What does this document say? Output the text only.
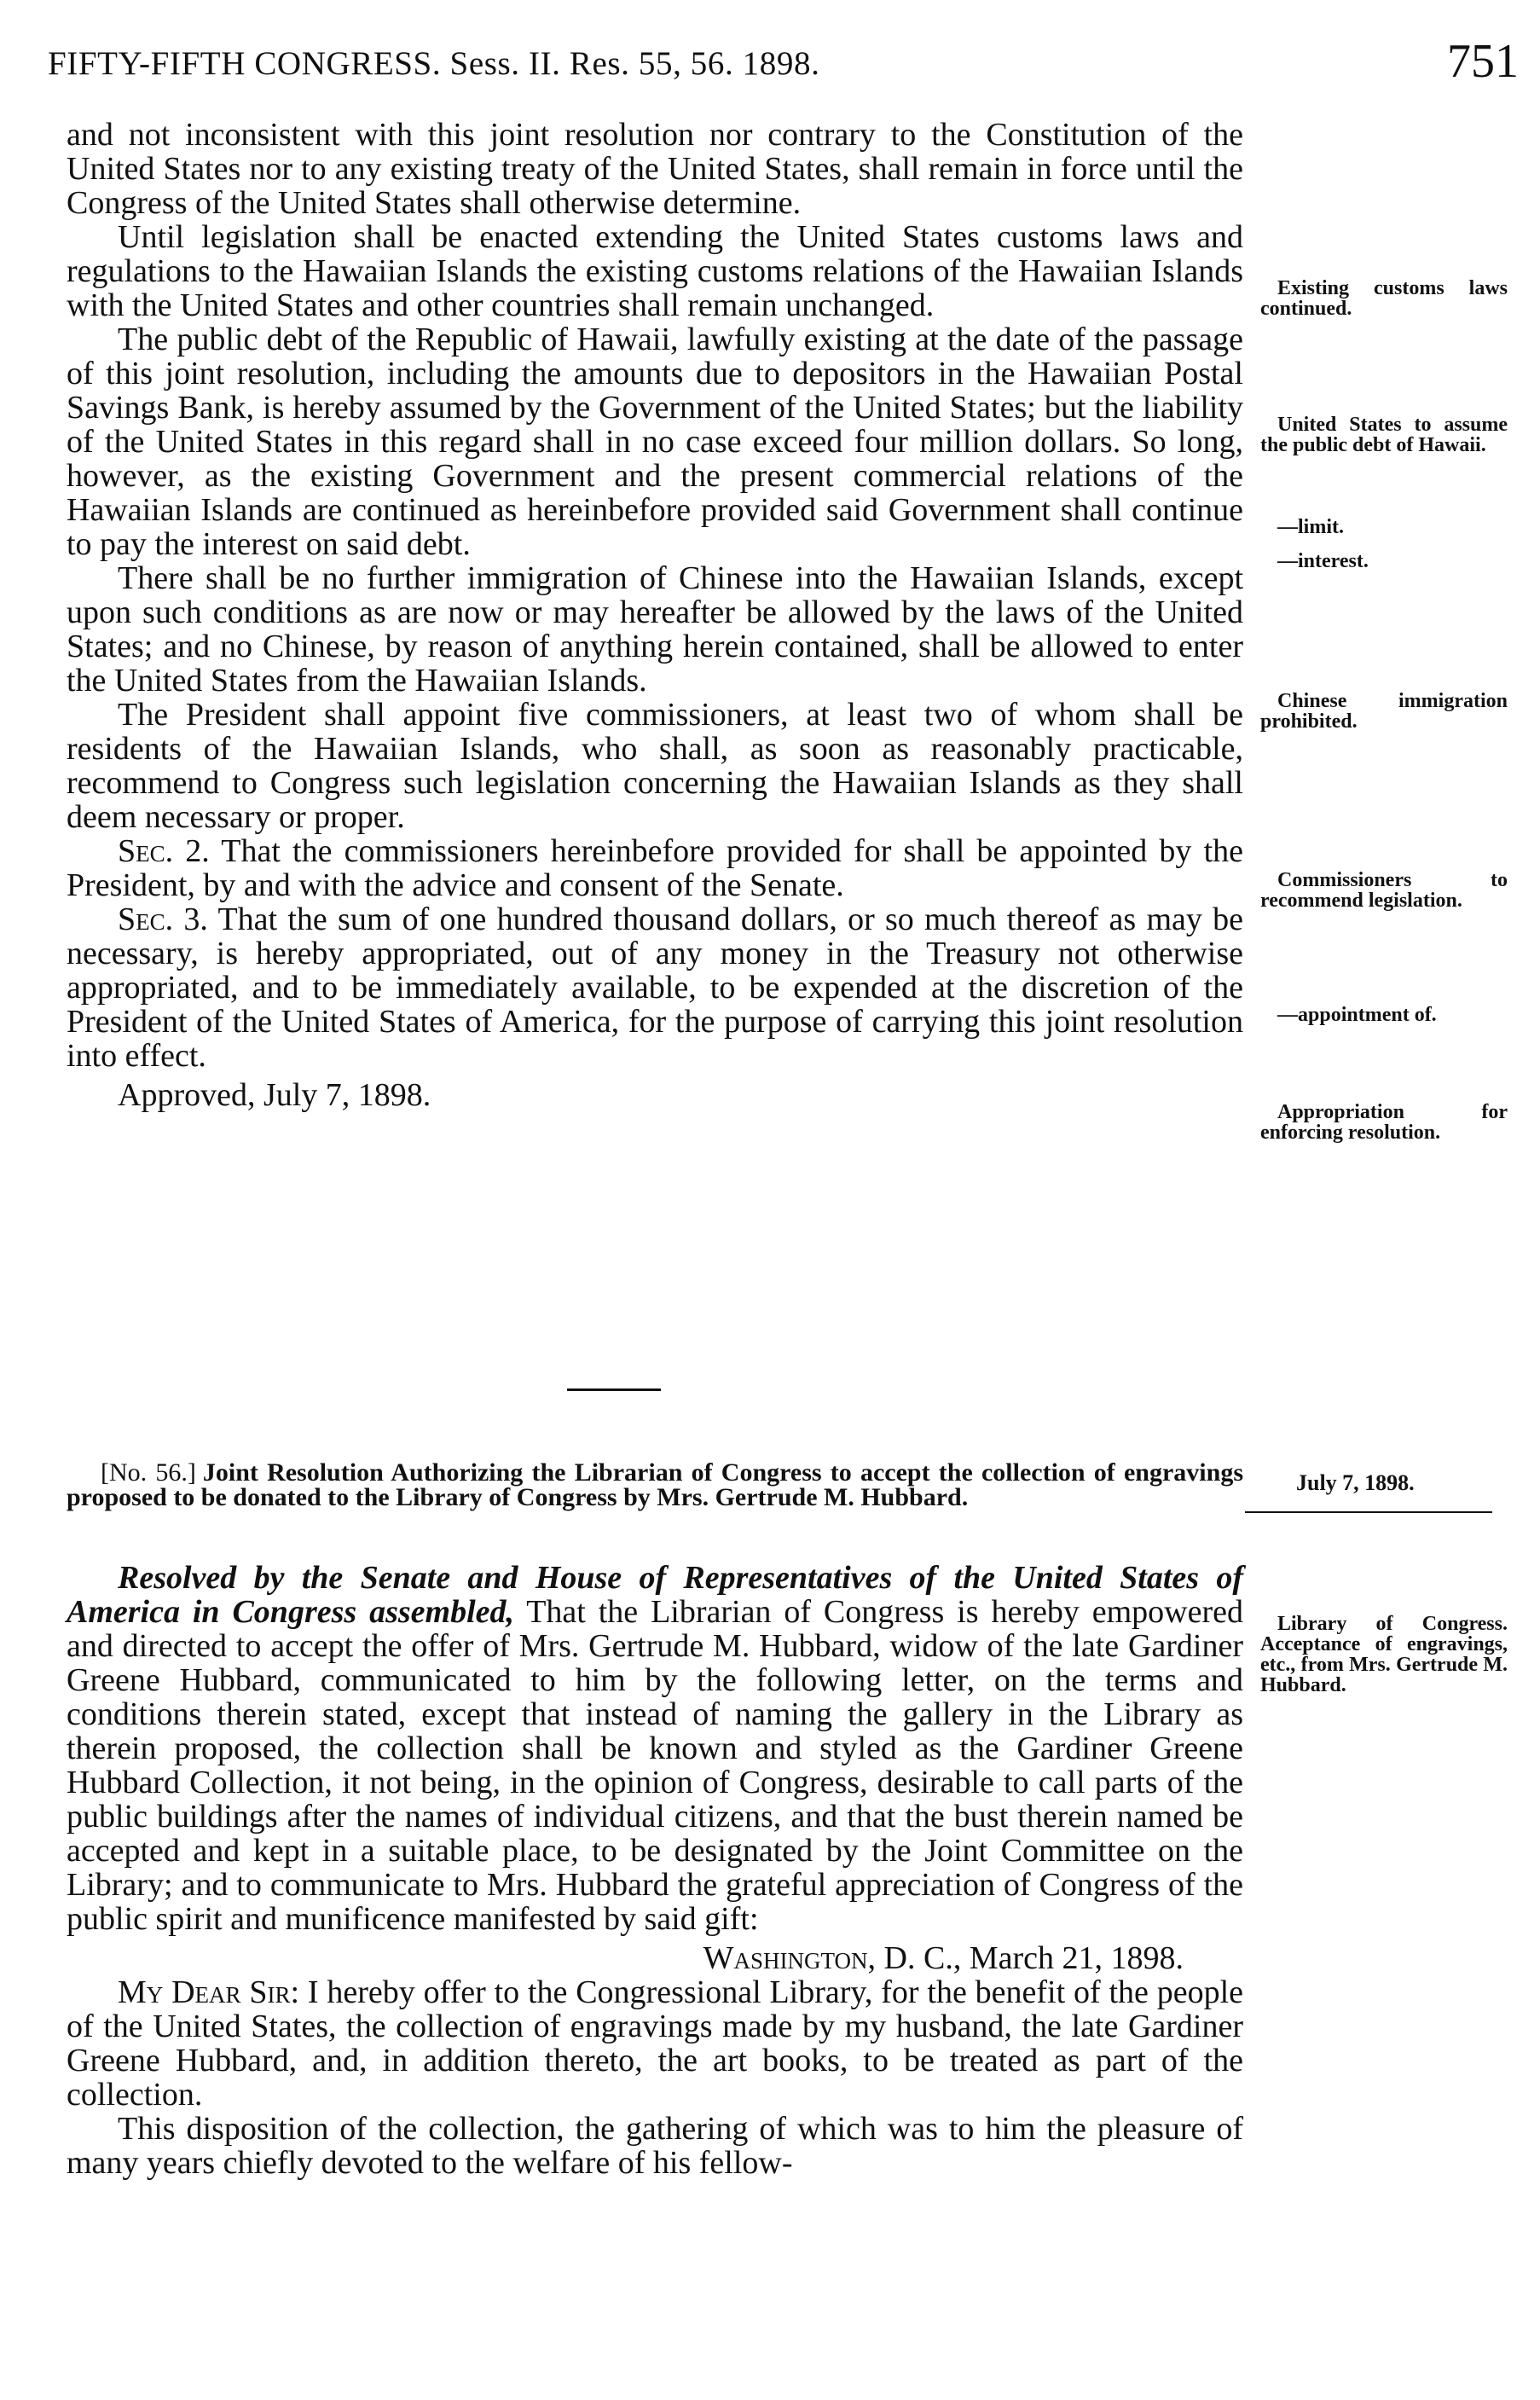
FIFTY-FIFTH CONGRESS. Sess. II. Res. 55, 56. 1898.	751

and not inconsistent with this joint resolution nor contrary to the Constitution of the United States nor to any existing treaty of the United States, shall remain in force until the Congress of the United States shall otherwise determine.

Until legislation shall be enacted extending the United States customs laws and regulations to the Hawaiian Islands the existing customs relations of the Hawaiian Islands with the United States and other countries shall remain unchanged.

The public debt of the Republic of Hawaii, lawfully existing at the date of the passage of this joint resolution, including the amounts due to depositors in the Hawaiian Postal Savings Bank, is hereby assumed by the Government of the United States; but the liability of the United States in this regard shall in no case exceed four million dollars. So long, however, as the existing Government and the present commercial relations of the Hawaiian Islands are continued as hereinbefore provided said Government shall continue to pay the interest on said debt.

There shall be no further immigration of Chinese into the Hawaiian Islands, except upon such conditions as are now or may hereafter be allowed by the laws of the United States; and no Chinese, by reason of anything herein contained, shall be allowed to enter the United States from the Hawaiian Islands.

The President shall appoint five commissioners, at least two of whom shall be residents of the Hawaiian Islands, who shall, as soon as reasonably practicable, recommend to Congress such legislation concerning the Hawaiian Islands as they shall deem necessary or proper.

Sec. 2. That the commissioners hereinbefore provided for shall be appointed by the President, by and with the advice and consent of the Senate.

Sec. 3. That the sum of one hundred thousand dollars, or so much thereof as may be necessary, is hereby appropriated, out of any money in the Treasury not otherwise appropriated, and to be immediately available, to be expended at the discretion of the President of the United States of America, for the purpose of carrying this joint resolution into effect.

Approved, July 7, 1898.

[No. 56.] Joint Resolution Authorizing the Librarian of Congress to accept the collection of engravings proposed to be donated to the Library of Congress by Mrs. Gertrude M. Hubbard.

Resolved by the Senate and House of Representatives of the United States of America in Congress assembled, That the Librarian of Congress is hereby empowered and directed to accept the offer of Mrs. Gertrude M. Hubbard, widow of the late Gardiner Greene Hubbard, communicated to him by the following letter, on the terms and conditions therein stated, except that instead of naming the gallery in the Library as therein proposed, the collection shall be known and styled as the Gardiner Greene Hubbard Collection, it not being, in the opinion of Congress, desirable to call parts of the public buildings after the names of individual citizens, and that the bust therein named be accepted and kept in a suitable place, to be designated by the Joint Committee on the Library; and to communicate to Mrs. Hubbard the grateful appreciation of Congress of the public spirit and munificence manifested by said gift:

Washington, D. C., March 21, 1898.

My Dear Sir: I hereby offer to the Congressional Library, for the benefit of the people of the United States, the collection of engravings made by my husband, the late Gardiner Greene Hubbard, and, in addition thereto, the art books, to be treated as part of the collection.

This disposition of the collection, the gathering of which was to him the pleasure of many years chiefly devoted to the welfare of his fellow-

Existing customs laws continued.
United States to assume the public debt of Hawaii.
—limit.
—interest.
Chinese immigration prohibited.
Commissioners to recommend legislation.
—appointment of.
Appropriation for enforcing resolution.
July 7, 1898.
Library of Congress. Acceptance of engravings, etc., from Mrs. Gertrude M. Hubbard.
